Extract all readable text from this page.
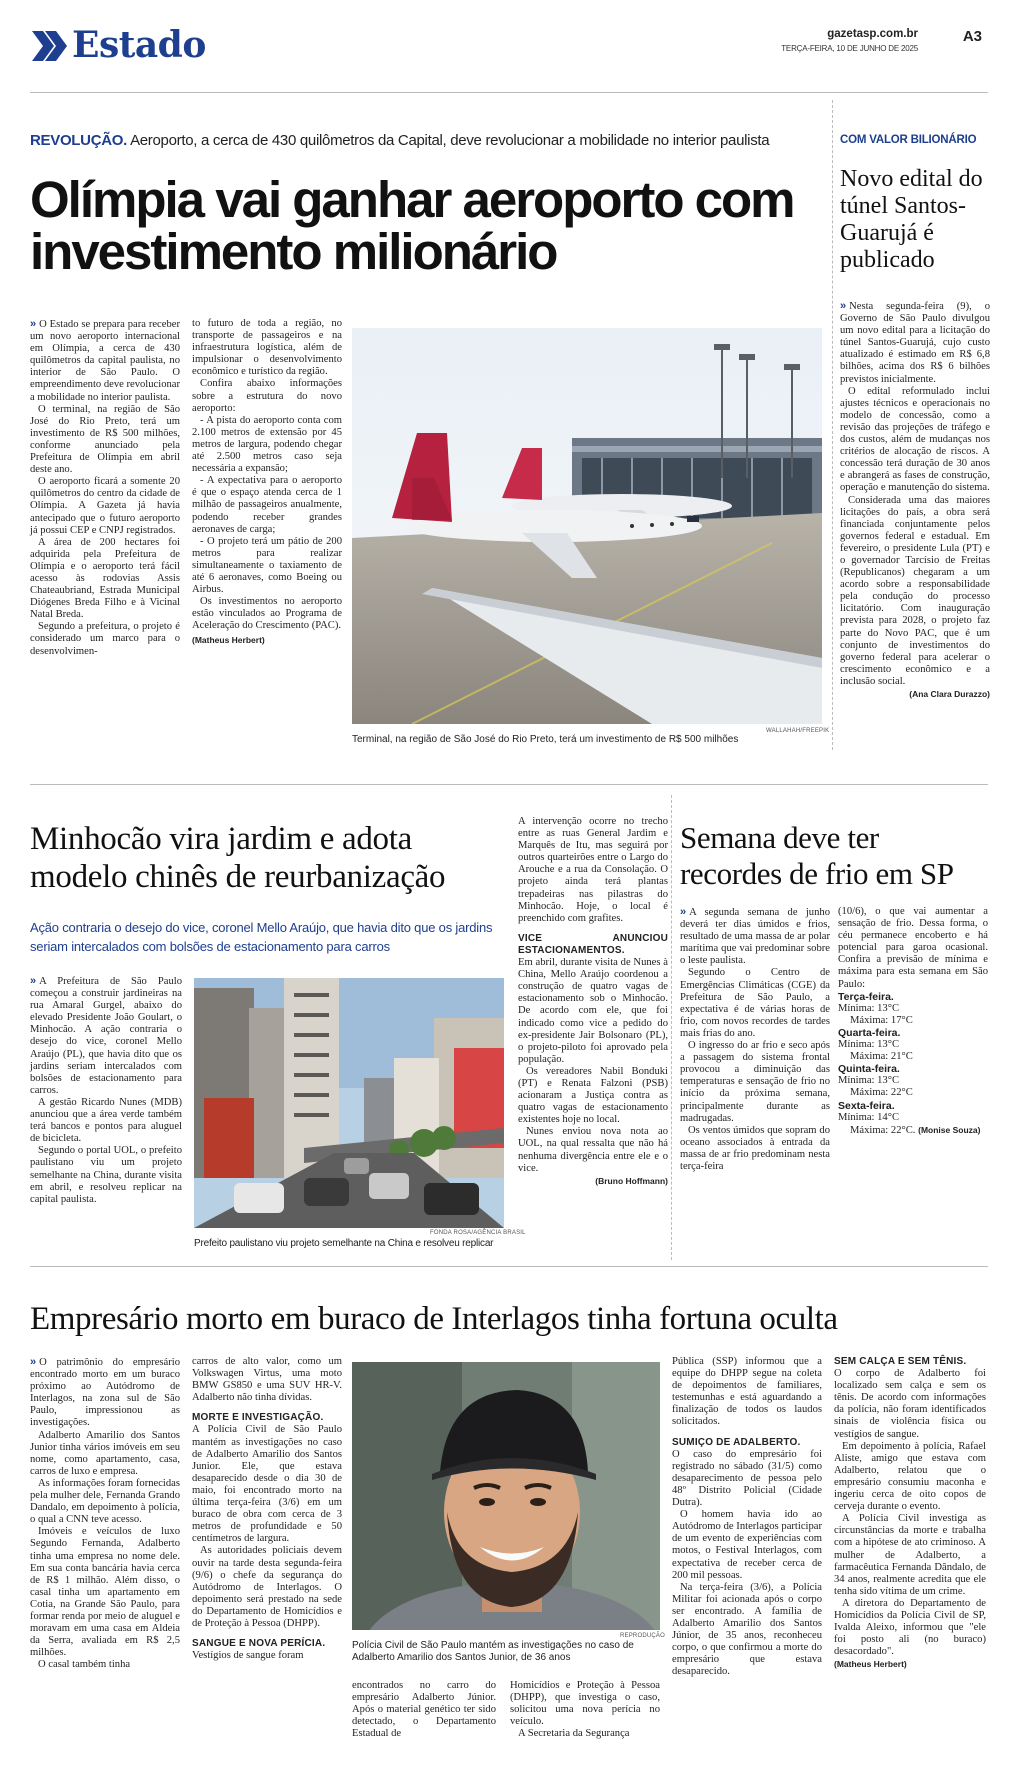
Estado	gazetasp.com.br
TERÇA-FEIRA, 10 DE JUNHO DE 2025
A3
REVOLUÇÃO. Aeroporto, a cerca de 430 quilômetros da Capital, deve revolucionar a mobilidade no interior paulista
Olímpia vai ganhar aeroporto com investimento milionário

» O Estado se prepara para receber um novo aeroporto internacional em Olímpia, a cerca de 430 quilômetros da capital paulista, no interior de São Paulo. O empreendimento deve revolucionar a mobilidade no interior paulista.

O terminal, na região de São José do Rio Preto, terá um investimento de R$ 500 milhões, conforme anunciado pela Prefeitura de Olímpia em abril deste ano.

O aeroporto ficará a somente 20 quilômetros do centro da cidade de Olímpia. A Gazeta já havia antecipado que o futuro aeroporto já possui CEP e CNPJ registrados.

A área de 200 hectares foi adquirida pela Prefeitura de Olímpia e o aeroporto terá fácil acesso às rodovias Assis Chateaubriand, Estrada Municipal Diógenes Breda Filho e à Vicinal Natal Breda.

Segundo a prefeitura, o projeto é considerado um marco para o desenvolvimen-

to futuro de toda a região, no transporte de passageiros e na infraestrutura logística, além de impulsionar o desenvolvimento econômico e turístico da região.

Confira abaixo informações sobre a estrutura do novo aeroporto:

- A pista do aeroporto conta com 2.100 metros de extensão por 45 metros de largura, podendo chegar até 2.500 metros caso seja necessária a expansão;

- A expectativa para o aeroporto é que o espaço atenda cerca de 1 milhão de passageiros anualmente, podendo receber grandes aeronaves de carga;

- O projeto terá um pátio de 200 metros para realizar simultaneamente o taxiamento de até 6 aeronaves, como Boeing ou Airbus.

Os investimentos no aeroporto estão vinculados ao Programa de Aceleração do Crescimento (PAC).

(Matheus Herbert)

WALLAHAH/FREEPIK
Terminal, na região de São José do Rio Preto, terá um investimento de R$ 500 milhões
COM VALOR BILIONÁRIO
Novo edital do túnel Santos-Guarujá é publicado

» Nesta segunda-feira (9), o Governo de São Paulo divulgou um novo edital para a licitação do túnel Santos-Guarujá, cujo custo atualizado é estimado em R$ 6,8 bilhões, acima dos R$ 6 bilhões previstos inicialmente.

O edital reformulado inclui ajustes técnicos e operacionais no modelo de concessão, como a revisão das projeções de tráfego e dos custos, além de mudanças nos critérios de alocação de riscos. A concessão terá duração de 30 anos e abrangerá as fases de construção, operação e manutenção do sistema.

Considerada uma das maiores licitações do país, a obra será financiada conjuntamente pelos governos federal e estadual. Em fevereiro, o presidente Lula (PT) e o governador Tarcísio de Freitas (Republicanos) chegaram a um acordo sobre a responsabilidade pela condução do processo licitatório. Com inauguração prevista para 2028, o projeto faz parte do Novo PAC, que é um conjunto de investimentos do governo federal para acelerar o crescimento econômico e a inclusão social.

(Ana Clara Durazzo)

Minhocão vira jardim e adota modelo chinês de reurbanização
Ação contraria o desejo do vice, coronel Mello Araújo, que havia dito que os jardins seriam intercalados com bolsões de estacionamento para carros

» A Prefeitura de São Paulo começou a construir jardineiras na rua Amaral Gurgel, abaixo do elevado Presidente João Goulart, o Minhocão. A ação contraria o desejo do vice, coronel Mello Araújo (PL), que havia dito que os jardins seriam intercalados com bolsões de estacionamento para carros.

A gestão Ricardo Nunes (MDB) anunciou que a área verde também terá bancos e pontos para aluguel de bicicleta.

Segundo o portal UOL, o prefeito paulistano viu um projeto semelhante na China, durante visita em abril, e resolveu replicar na capital paulista.

FONDA ROSA/AGÊNCIA BRASIL
Prefeito paulistano viu projeto semelhante na China e resolveu replicar

A intervenção ocorre no trecho entre as ruas General Jardim e Marquês de Itu, mas seguirá por outros quarteirões entre o Largo do Arouche e a rua da Consolação. O projeto ainda terá plantas trepadeiras nas pilastras do Minhocão. Hoje, o local é preenchido com grafites.

VICE ANUNCIOU ESTACIONAMENTOS.

Em abril, durante visita de Nunes à China, Mello Araújo coordenou a construção de quatro vagas de estacionamento sob o Minhocão. De acordo com ele, que foi indicado como vice a pedido do ex-presidente Jair Bolsonaro (PL), o projeto-piloto foi aprovado pela população.

Os vereadores Nabil Bonduki (PT) e Renata Falzoni (PSB) acionaram a Justiça contra as quatro vagas de estacionamento existentes hoje no local.

Nunes enviou nova nota ao UOL, na qual ressalta que não há nenhuma divergência entre ele e o vice.

(Bruno Hoffmann)

Semana deve ter recordes de frio em SP

» A segunda semana de junho deverá ter dias úmidos e frios, resultado de uma massa de ar polar marítima que vai predominar sobre o leste paulista.

Segundo o Centro de Emergências Climáticas (CGE) da Prefeitura de São Paulo, a expectativa é de várias horas de frio, com novos recordes de tardes mais frias do ano.

O ingresso do ar frio e seco após a passagem do sistema frontal provocou a diminuição das temperaturas e sensação de frio no início da próxima semana, principalmente durante as madrugadas.

Os ventos úmidos que sopram do oceano associados à entrada da massa de ar frio predominam nesta terça-feira

(10/6), o que vai aumentar a sensação de frio. Dessa forma, o céu permanece encoberto e há potencial para garoa ocasional. Confira a previsão de mínima e máxima para esta semana em São Paulo:

Terça-feira.

Mínima: 13°C

Máxima: 17°C

Quarta-feira.

Mínima: 13°C

Máxima: 21°C

Quinta-feira.

Mínima: 13°C

Máxima: 22°C

Sexta-feira.

Mínima: 14°C

Máxima: 22°C. (Monise Souza)

Empresário morto em buraco de Interlagos tinha fortuna oculta

» O patrimônio do empresário encontrado morto em um buraco próximo ao Autódromo de Interlagos, na zona sul de São Paulo, impressionou as investigações.

Adalberto Amarilio dos Santos Junior tinha vários imóveis em seu nome, como apartamento, casa, carros de luxo e empresa.

As informações foram fornecidas pela mulher dele, Fernanda Grando Dandalo, em depoimento à polícia, o qual a CNN teve acesso.

Imóveis e veículos de luxo Segundo Fernanda, Adalberto tinha uma empresa no nome dele. Em sua conta bancária havia cerca de R$ 1 milhão. Além disso, o casal tinha um apartamento em Cotia, na Grande São Paulo, para formar renda por meio de aluguel e moravam em uma casa em Aldeia da Serra, avaliada em R$ 2,5 milhões.

O casal também tinha

carros de alto valor, como um Volkswagen Virtus, uma moto BMW GS850 e uma SUV HR-V. Adalberto não tinha dívidas.

MORTE E INVESTIGAÇÃO.

A Polícia Civil de São Paulo mantém as investigações no caso de Adalberto Amarilio dos Santos Junior. Ele, que estava desaparecido desde o dia 30 de maio, foi encontrado morto na última terça-feira (3/6) em um buraco de obra com cerca de 3 metros de profundidade e 50 centímetros de largura.

As autoridades policiais devem ouvir na tarde desta segunda-feira (9/6) o chefe da segurança do Autódromo de Interlagos. O depoimento será prestado na sede do Departamento de Homicídios e de Proteção à Pessoa (DHPP).

SANGUE E NOVA PERÍCIA.

Vestígios de sangue foram

REPRODUÇÃO
Polícia Civil de São Paulo mantém as investigações no caso de Adalberto Amarilio dos Santos Junior, de 36 anos

encontrados no carro do empresário Adalberto Júnior. Após o material genético ter sido detectado, o Departamento Estadual de

Homicídios e Proteção à Pessoa (DHPP), que investiga o caso, solicitou uma nova perícia no veículo.

A Secretaria da Segurança

Pública (SSP) informou que a equipe do DHPP segue na coleta de depoimentos de familiares, testemunhas e está aguardando a finalização de todos os laudos solicitados.

SUMIÇO DE ADALBERTO.

O caso do empresário foi registrado no sábado (31/5) como desaparecimento de pessoa pelo 48º Distrito Policial (Cidade Dutra).

O homem havia ido ao Autódromo de Interlagos participar de um evento de experiências com motos, o Festival Interlagos, com expectativa de receber cerca de 200 mil pessoas.

Na terça-feira (3/6), a Polícia Militar foi acionada após o corpo ser encontrado. A família de Adalberto Amarilio dos Santos Júnior, de 35 anos, reconheceu corpo, o que confirmou a morte do empresário que estava desaparecido.

SEM CALÇA E SEM TÊNIS.

O corpo de Adalberto foi localizado sem calça e sem os tênis. De acordo com informações da polícia, não foram identificados sinais de violência física ou vestígios de sangue.

Em depoimento à polícia, Rafael Aliste, amigo que estava com Adalberto, relatou que o empresário consumiu maconha e ingeriu cerca de oito copos de cerveja durante o evento.

A Polícia Civil investiga as circunstâncias da morte e trabalha com a hipótese de ato criminoso. A mulher de Adalberto, a farmacêutica Fernanda Dândalo, de 34 anos, realmente acredita que ele tenha sido vítima de um crime.

A diretora do Departamento de Homicídios da Polícia Civil de SP, Ivalda Aleixo, informou que "ele foi posto ali (no buraco) desacordado".

(Matheus Herbert)
